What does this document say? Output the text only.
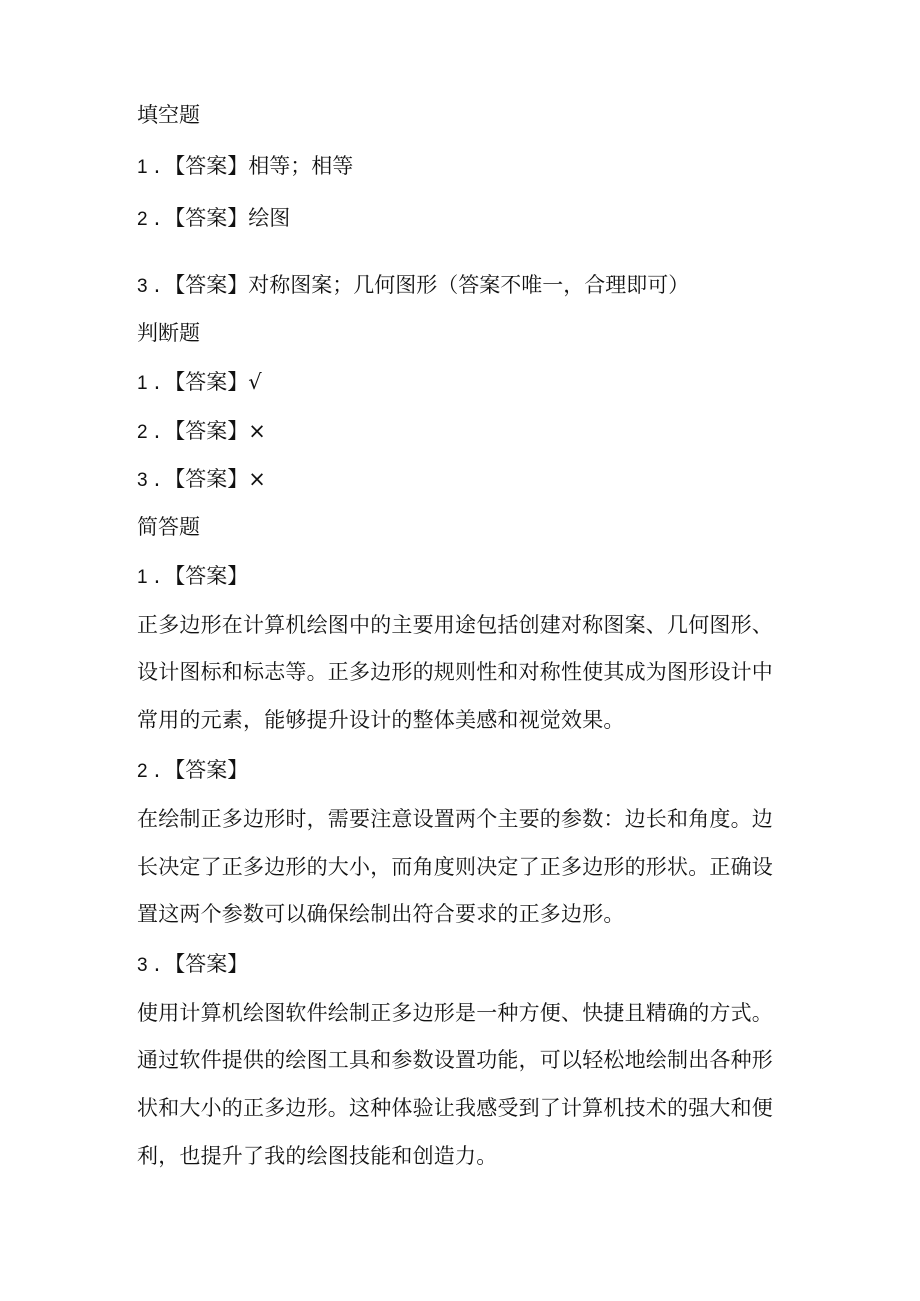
填空题
1 . 【答案】相等；相等
2 . 【答案】绘图
3 . 【答案】对称图案；几何图形（答案不唯一，合理即可）
判断题
1 . 【答案】√
2 . 【答案】×
3 . 【答案】×
简答题
1 . 【答案】
正多边形在计算机绘图中的主要用途包括创建对称图案、几何图形、
设计图标和标志等。正多边形的规则性和对称性使其成为图形设计中
常用的元素，能够提升设计的整体美感和视觉效果。
2 . 【答案】
在绘制正多边形时，需要注意设置两个主要的参数：边长和角度。边
长决定了正多边形的大小，而角度则决定了正多边形的形状。正确设
置这两个参数可以确保绘制出符合要求的正多边形。
3 . 【答案】
使用计算机绘图软件绘制正多边形是一种方便、快捷且精确的方式。
通过软件提供的绘图工具和参数设置功能，可以轻松地绘制出各种形
状和大小的正多边形。这种体验让我感受到了计算机技术的强大和便
利，也提升了我的绘图技能和创造力。
